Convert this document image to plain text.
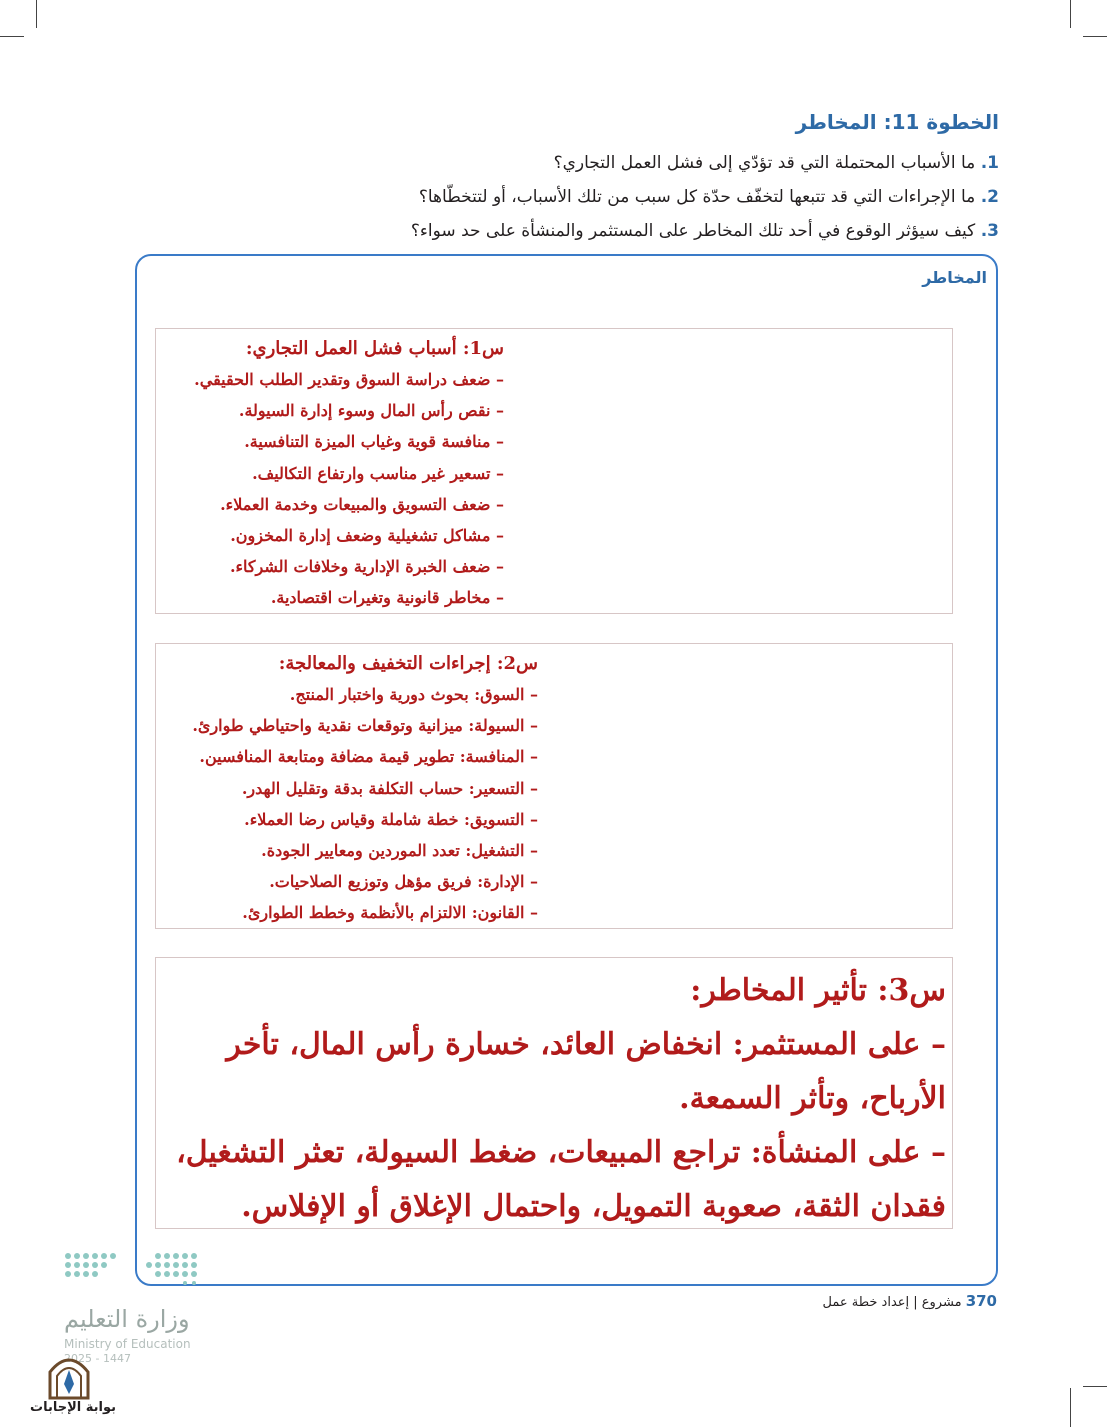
الخطوة 11: المخاطر
1. ما الأسباب المحتملة التي قد تؤدّي إلى فشل العمل التجاري؟
2. ما الإجراءات التي قد تتبعها لتخفّف حدّة كل سبب من تلك الأسباب، أو لتتخطّاها؟
3. كيف سيؤثر الوقوع في أحد تلك المخاطر على المستثمر والمنشأة على حد سواء؟
المخاطر
س1: أسباب فشل العمل التجاري:
– ضعف دراسة السوق وتقدير الطلب الحقيقي.
– نقص رأس المال وسوء إدارة السيولة.
– منافسة قوية وغياب الميزة التنافسية.
– تسعير غير مناسب وارتفاع التكاليف.
– ضعف التسويق والمبيعات وخدمة العملاء.
– مشاكل تشغيلية وضعف إدارة المخزون.
– ضعف الخبرة الإدارية وخلافات الشركاء.
– مخاطر قانونية وتغيرات اقتصادية.
س2: إجراءات التخفيف والمعالجة:
– السوق: بحوث دورية واختبار المنتج.
– السيولة: ميزانية وتوقعات نقدية واحتياطي طوارئ.
– المنافسة: تطوير قيمة مضافة ومتابعة المنافسين.
– التسعير: حساب التكلفة بدقة وتقليل الهدر.
– التسويق: خطة شاملة وقياس رضا العملاء.
– التشغيل: تعدد الموردين ومعايير الجودة.
– الإدارة: فريق مؤهل وتوزيع الصلاحيات.
– القانون: الالتزام بالأنظمة وخطط الطوارئ.
س3: تأثير المخاطر:
– على المستثمر: انخفاض العائد، خسارة رأس المال، تأخر الأرباح، وتأثر السمعة.
– على المنشأة: تراجع المبيعات، ضغط السيولة، تعثر التشغيل، فقدان الثقة، صعوبة التمويل، واحتمال الإغلاق أو الإفلاس.
370 مشروع | إعداد خطة عمل
وزارة التعليم
Ministry of Education
2025 - 1447
بوابة الإجابات
